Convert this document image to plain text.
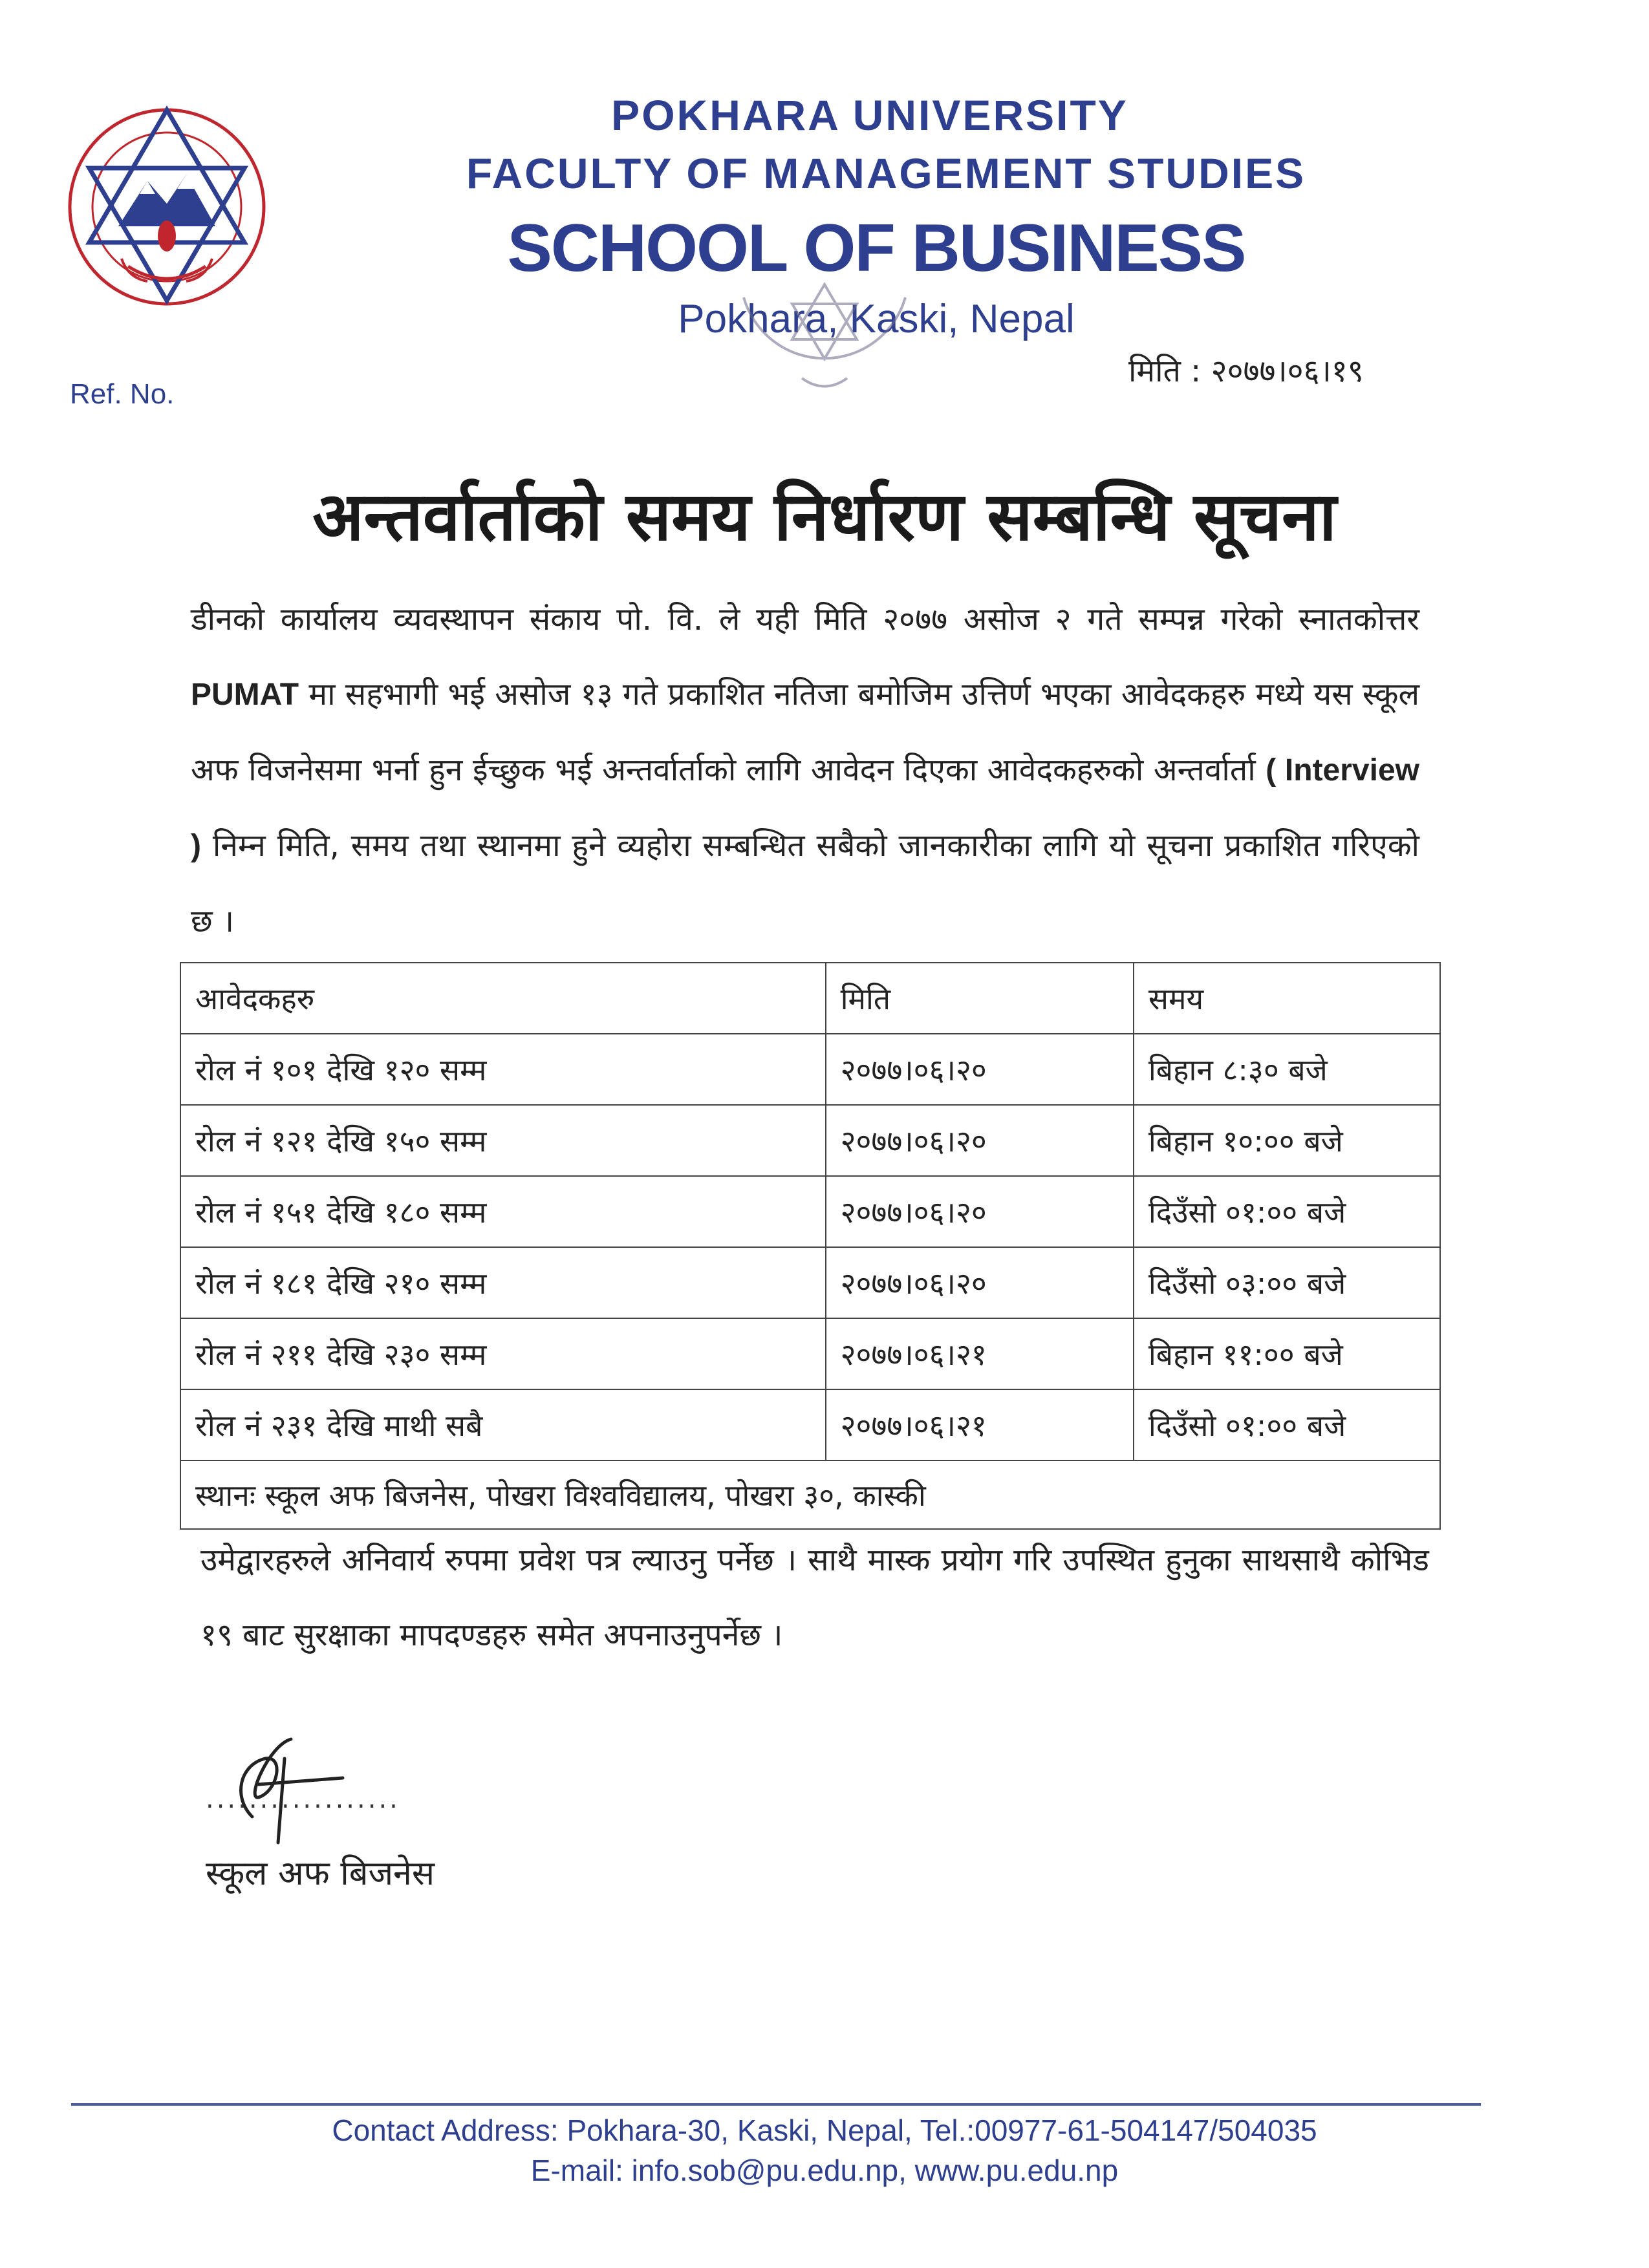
POKHARA UNIVERSITY
FACULTY OF MANAGEMENT STUDIES
SCHOOL OF BUSINESS
Pokhara, Kaski, Nepal
Ref. No.
मिति : २०७७।०६।१९
अन्तर्वार्ताको समय निर्धारण सम्बन्धि सूचना
डीनको कार्यालय व्यवस्थापन संकाय पो. वि. ले यही मिति २०७७ असोज २ गते सम्पन्न गरेको स्नातकोत्तर PUMAT मा सहभागी भई असोज १३ गते प्रकाशित नतिजा बमोजिम उत्तिर्ण भएका आवेदकहरु मध्ये यस स्कूल अफ विजनेसमा भर्ना हुन ईच्छुक भई अन्तर्वार्ताको लागि आवेदन दिएका आवेदकहरुको अन्तर्वार्ता ( Interview ) निम्न मिति, समय तथा स्थानमा हुने व्यहोरा सम्बन्धित सबैको जानकारीका लागि यो सूचना प्रकाशित गरिएको छ ।
आवेदकहरु	मिति	समय
रोल नं १०१ देखि १२० सम्म	२०७७।०६।२०	बिहान ८:३० बजे
रोल नं १२१ देखि १५० सम्म	२०७७।०६।२०	बिहान १०:०० बजे
रोल नं १५१ देखि १८० सम्म	२०७७।०६।२०	दिउँसो ०१:०० बजे
रोल नं १८१ देखि २१० सम्म	२०७७।०६।२०	दिउँसो ०३:०० बजे
रोल नं २११ देखि २३० सम्म	२०७७।०६।२१	बिहान ११:०० बजे
रोल नं २३१ देखि माथी सबै	२०७७।०६।२१	दिउँसो ०१:०० बजे
स्थानः स्कूल अफ बिजनेस, पोखरा विश्वविद्यालय, पोखरा ३०, कास्की		
उमेद्वारहरुले अनिवार्य रुपमा प्रवेश पत्र ल्याउनु पर्नेछ । साथै मास्क प्रयोग गरि उपस्थित हुनुका साथसाथै कोभिड १९ बाट सुरक्षाका मापदण्डहरु समेत अपनाउनुपर्नेछ ।
..................
स्कूल अफ बिजनेस
Contact Address: Pokhara-30, Kaski, Nepal, Tel.:00977-61-504147/504035
E-mail: info.sob@pu.edu.np, www.pu.edu.np
